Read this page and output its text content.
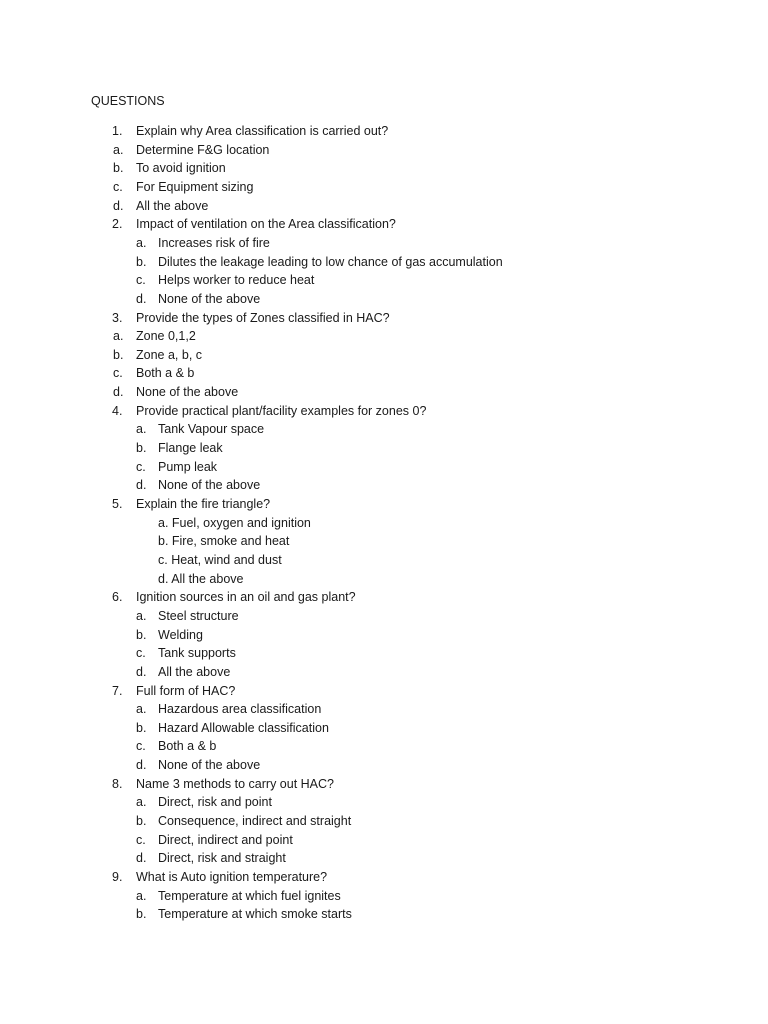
QUESTIONS
1. Explain why Area classification is carried out?
a. Determine F&G location
b. To avoid ignition
c. For Equipment sizing
d. All the above
2. Impact of ventilation on the Area classification?
a. Increases risk of fire
b. Dilutes the leakage leading to low chance of gas accumulation
c. Helps worker to reduce heat
d. None of the above
3. Provide the types of Zones classified in HAC?
a. Zone 0,1,2
b. Zone a, b, c
c. Both a & b
d. None of the above
4. Provide practical plant/facility examples for zones 0?
a. Tank Vapour space
b. Flange leak
c. Pump leak
d. None of the above
5. Explain the fire triangle?
a. Fuel, oxygen and ignition
b. Fire, smoke and heat
c. Heat, wind and dust
d. All the above
6. Ignition sources in an oil and gas plant?
a. Steel structure
b. Welding
c. Tank supports
d. All the above
7. Full form of HAC?
a. Hazardous area classification
b. Hazard Allowable classification
c. Both a & b
d. None of the above
8. Name 3 methods to carry out HAC?
a. Direct, risk and point
b. Consequence, indirect and straight
c. Direct, indirect and point
d. Direct, risk and straight
9. What is Auto ignition temperature?
a. Temperature at which fuel ignites
b. Temperature at which smoke starts
